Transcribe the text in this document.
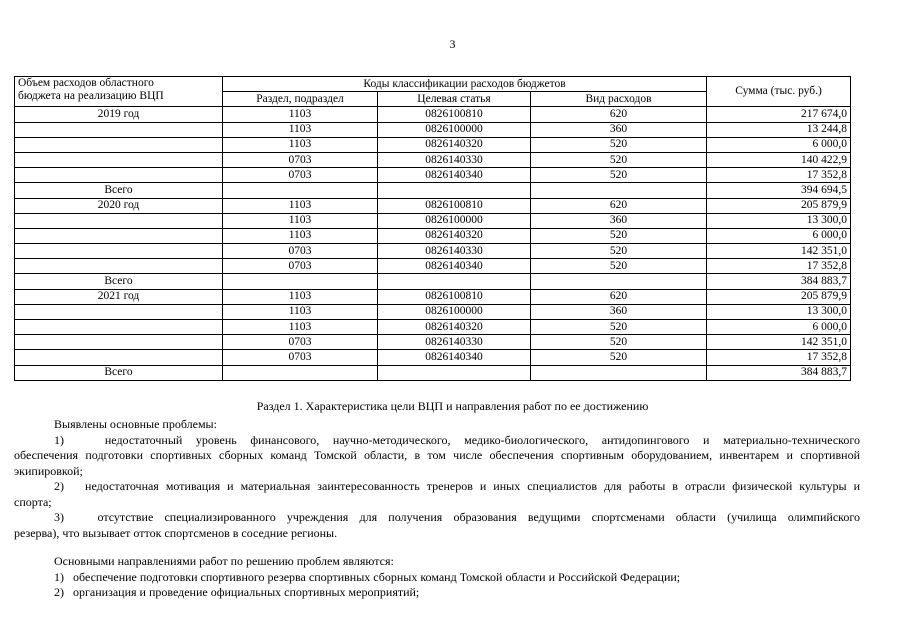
3
Объем расходов областного
бюджета на реализацию ВЦП	Коды классификации расходов бюджетов			Сумма (тыс. руб.)
	Раздел, подраздел	Целевая статья	Вид расходов	
2019 год	1103	0826100810	620	217 674,0
	1103	0826100000	360	13 244,8
	1103	0826140320	520	6 000,0
	0703	0826140330	520	140 422,9
	0703	0826140340	520	17 352,8
Всего				394 694,5
2020 год	1103	0826100810	620	205 879,9
	1103	0826100000	360	13 300,0
	1103	0826140320	520	6 000,0
	0703	0826140330	520	142 351,0
	0703	0826140340	520	17 352,8
Всего				384 883,7
2021 год	1103	0826100810	620	205 879,9
	1103	0826100000	360	13 300,0
	1103	0826140320	520	6 000,0
	0703	0826140330	520	142 351,0
	0703	0826140340	520	17 352,8
Всего				384 883,7
Раздел 1. Характеристика цели ВЦП и направления работ по ее достижению

Выявлены основные проблемы:

1)   недостаточный уровень финансового, научно-методического, медико-биологического, антидопингового и материально-технического

обеспечения подготовки спортивных сборных команд Томской области, в том числе обеспечения спортивным оборудованием, инвентарем и спортивной экипировкой;

2)   недостаточная мотивация и материальная заинтересованность тренеров и иных специалистов для работы в отрасли физической культуры и

спорта;

3)   отсутствие специализированного учреждения для получения образования ведущими спортсменами области (училища олимпийского

резерва), что вызывает отток спортсменов в соседние регионы.

Основными направлениями работ по решению проблем являются:

1)   обеспечение подготовки спортивного резерва спортивных сборных команд Томской области и Российской Федерации;

2)   организация и проведение официальных спортивных мероприятий;
